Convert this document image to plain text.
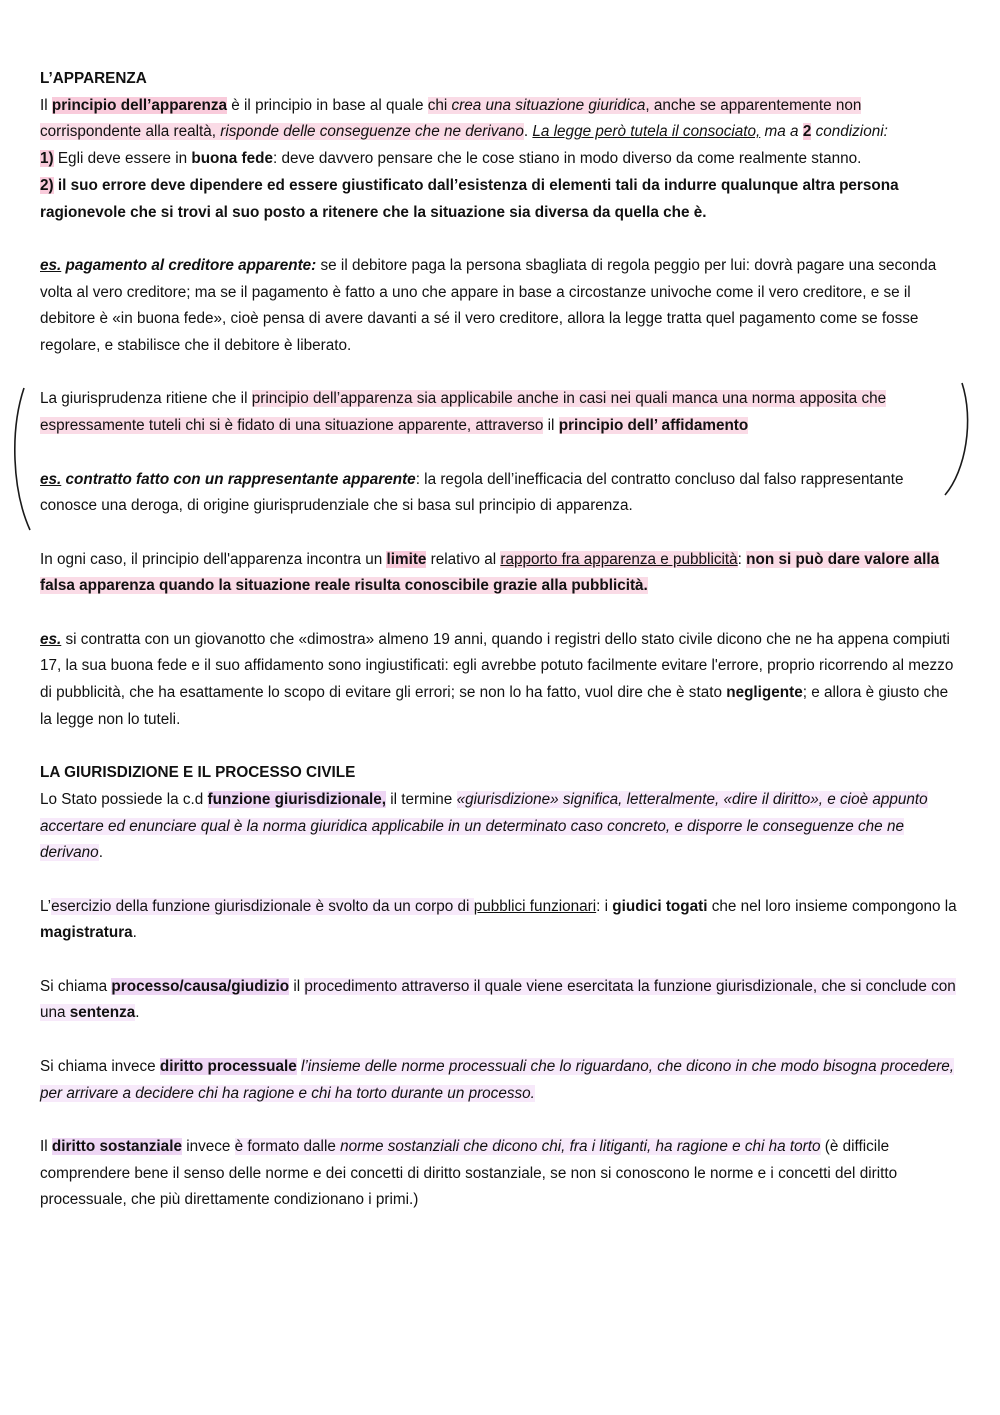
L’APPARENZA

Il principio dell’apparenza è il principio in base al quale chi crea una situazione giuridica, anche se apparentemente non corrispondente alla realtà, risponde delle conseguenze che ne derivano. La legge però tutela il consociato, ma a 2 condizioni:

1) Egli deve essere in buona fede: deve davvero pensare che le cose stiano in modo diverso da come realmente stanno.

2) il suo errore deve dipendere ed essere giustificato dall’esistenza di elementi tali da indurre qualunque altra persona ragionevole che si trovi al suo posto a ritenere che la situazione sia diversa da quella che è.

es. pagamento al creditore apparente: se il debitore paga la persona sbagliata di regola peggio per lui: dovrà pagare una seconda volta al vero creditore; ma se il pagamento è fatto a uno che appare in base a circostanze univoche come il vero creditore, e se il debitore è «in buona fede», cioè pensa di avere davanti a sé il vero creditore, allora la legge tratta quel pagamento come se fosse regolare, e stabilisce che il debitore è liberato.

La giurisprudenza ritiene che il principio dell’apparenza sia applicabile anche in casi nei quali manca una norma apposita che espressamente tuteli chi si è fidato di una situazione apparente, attraverso il principio dell’ affidamento

es. contratto fatto con un rappresentante apparente: la regola dell’inefficacia del contratto concluso dal falso rappresentante conosce una deroga, di origine giurisprudenziale che si basa sul principio di apparenza.

In ogni caso, il principio dell'apparenza incontra un limite relativo al rapporto fra apparenza e pubblicità: non si può dare valore alla falsa apparenza quando la situazione reale risulta conoscibile grazie alla pubblicità.

es. si contratta con un giovanotto che «dimostra» almeno 19 anni, quando i registri dello stato civile dicono che ne ha appena compiuti 17, la sua buona fede e il suo affidamento sono ingiustificati: egli avrebbe potuto facilmente evitare l'errore, proprio ricorrendo al mezzo di pubblicità, che ha esattamente lo scopo di evitare gli errori; se non lo ha fatto, vuol dire che è stato negligente; e allora è giusto che la legge non lo tuteli.

LA GIURISDIZIONE E IL PROCESSO CIVILE

Lo Stato possiede la c.d funzione giurisdizionale, il termine «giurisdizione» significa, letteralmente, «dire il diritto», e cioè appunto accertare ed enunciare qual è la norma giuridica applicabile in un determinato caso concreto, e disporre le conseguenze che ne derivano.

L’esercizio della funzione giurisdizionale è svolto da un corpo di pubblici funzionari: i giudici togati che nel loro insieme compongono la magistratura.

Si chiama processo/causa/giudizio il procedimento attraverso il quale viene esercitata la funzione giurisdizionale, che si conclude con una sentenza.

Si chiama invece diritto processuale l’insieme delle norme processuali che lo riguardano, che dicono in che modo bisogna procedere, per arrivare a decidere chi ha ragione e chi ha torto durante un processo.

Il diritto sostanziale invece è formato dalle norme sostanziali che dicono chi, fra i litiganti, ha ragione e chi ha torto (è difficile comprendere bene il senso delle norme e dei concetti di diritto sostanziale, se non si conoscono le norme e i concetti del diritto processuale, che più direttamente condizionano i primi.)
